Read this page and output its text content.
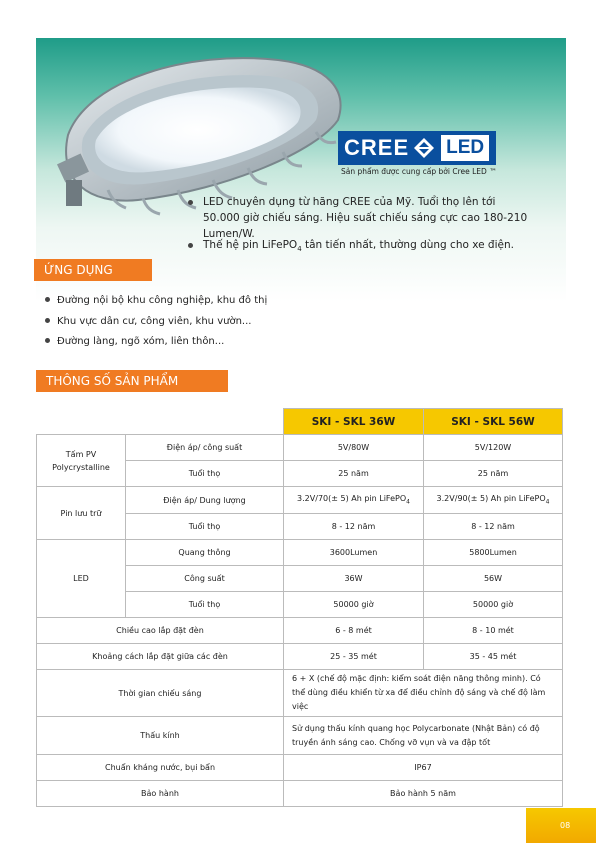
CREE LED
Sản phẩm được cung cấp bởi Cree LED ™
LED chuyên dụng từ hãng CREE của Mỹ. Tuổi thọ lên tới 50.000 giờ chiếu sáng. Hiệu suất chiếu sáng cực cao 180-210 Lumen/W.
Thế hệ pin LiFePO$_4$ tân tiến nhất, thường dùng cho xe điện.
ỨNG DỤNG
Đường nội bộ khu công nghiệp, khu đô thị
Khu vực dân cư, công viên, khu vườn...
Đường làng, ngõ xóm, liên thôn...
THÔNG SỐ SẢN PHẨM
		SKI - SKL 36W	SKI - SKL 56W
Tấm PV Polycrystalline	Điện áp/ công suất	5V/80W	5V/120W
	Tuổi thọ	25 năm	25 năm
Pin lưu trữ	Điện áp/ Dung lượng	3.2V/70(± 5) Ah pin LiFePO$_4$	3.2V/90(± 5) Ah pin LiFePO$_4$
	Tuổi thọ	8 - 12 năm	8 - 12 năm
LED	Quang thông	3600Lumen	5800Lumen
	Công suất	36W	56W
	Tuổi thọ	50000 giờ	50000 giờ
Chiều cao lắp đặt đèn		6 - 8 mét	8 - 10 mét
Khoảng cách lắp đặt giữa các đèn		25 - 35 mét	35 - 45 mét
Thời gian chiếu sáng		6 + X (chế độ mặc định: kiểm soát điện năng thông minh). Có thể dùng điều khiển từ xa để điều chỉnh độ sáng và chế độ làm việc	
Thấu kính		Sử dụng thấu kính quang học Polycarbonate (Nhật Bản) có độ truyền ánh sáng cao. Chống vỡ vụn và va đập tốt	
Chuẩn kháng nước, bụi bẩn		IP67	
Bảo hành		Bảo hành 5 năm	
08
